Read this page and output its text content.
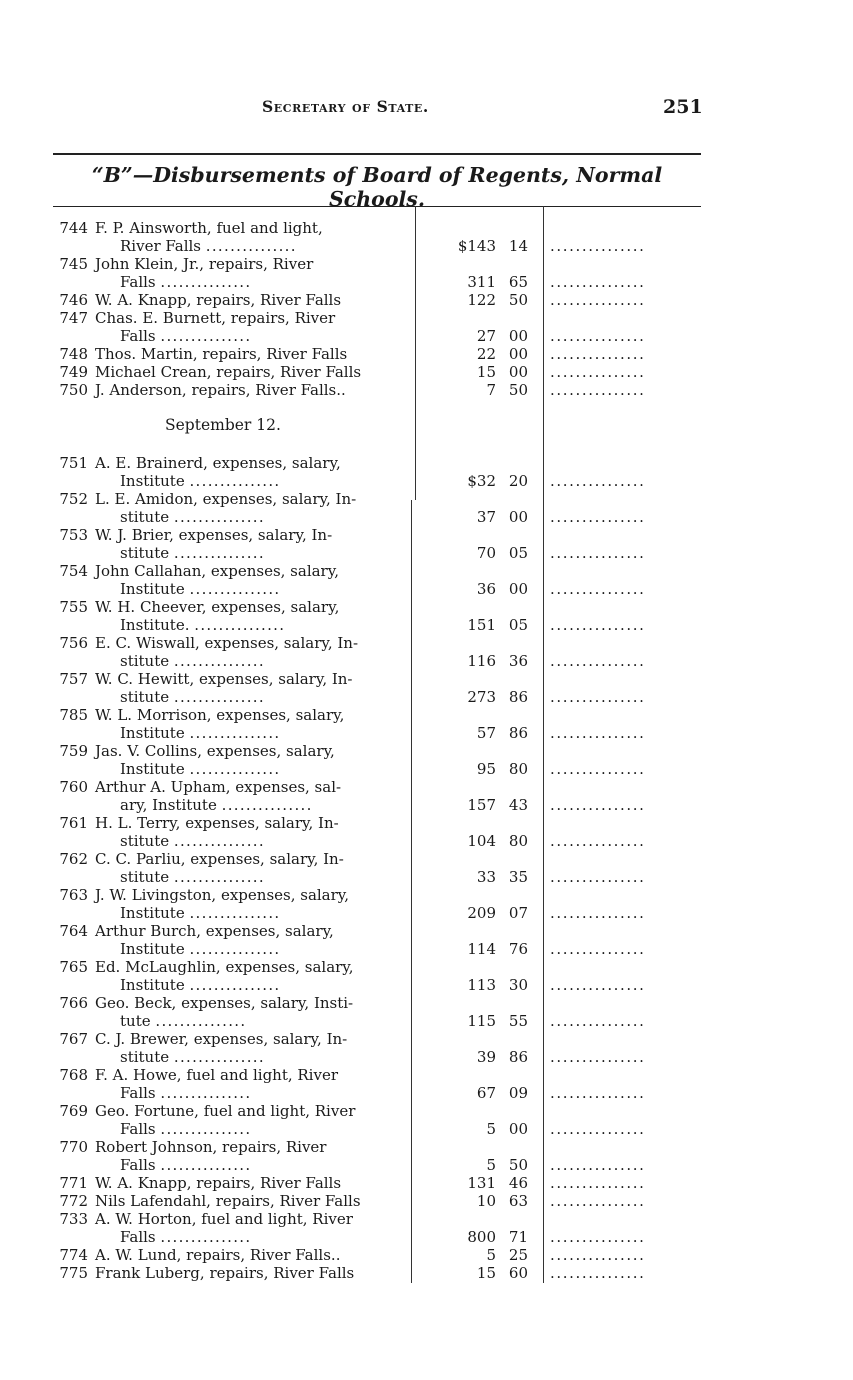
Secretary of State.	251
“B”—Disbursements of Board of Regents, Normal Schools.
September 12.
744 F. P. Ainsworth, fuel and light,
River Falls ...............	$143 14 ...............
745 John Klein, Jr., repairs, River
Falls ...............	311 65 ...............
746 W. A. Knapp, repairs, River Falls	122 50 ...............
747 Chas. E. Burnett, repairs, River
Falls ...............	27 00 ...............
748 Thos. Martin, repairs, River Falls	22 00 ...............
749 Michael Crean, repairs, River Falls	15 00 ...............
750 J. Anderson, repairs, River Falls..	7 50 ...............
751 A. E. Brainerd, expenses, salary,
Institute ...............	$32 20 ...............
752 L. E. Amidon, expenses, salary, In-
stitute ...............	37 00 ...............
753 W. J. Brier, expenses, salary, In-
stitute ...............	70 05 ...............
754 John Callahan, expenses, salary,
Institute ...............	36 00 ...............
755 W. H. Cheever, expenses, salary,
Institute. ...............	151 05 ...............
756 E. C. Wiswall, expenses, salary, In-
stitute ...............	116 36 ...............
757 W. C. Hewitt, expenses, salary, In-
stitute ...............	273 86 ...............
785 W. L. Morrison, expenses, salary,
Institute ...............	57 86 ...............
759 Jas. V. Collins, expenses, salary,
Institute ...............	95 80 ...............
760 Arthur A. Upham, expenses, sal-
ary, Institute ...............	157 43 ...............
761 H. L. Terry, expenses, salary, In-
stitute ...............	104 80 ...............
762 C. C. Parliu, expenses, salary, In-
stitute ...............	33 35 ...............
763 J. W. Livingston, expenses, salary,
Institute ...............	209 07 ...............
764 Arthur Burch, expenses, salary,
Institute ...............	114 76 ...............
765 Ed. McLaughlin, expenses, salary,
Institute ...............	113 30 ...............
766 Geo. Beck, expenses, salary, Insti-
tute ...............	115 55 ...............
767 C. J. Brewer, expenses, salary, In-
stitute ...............	39 86 ...............
768 F. A. Howe, fuel and light, River
Falls ...............	67 09 ...............
769 Geo. Fortune, fuel and light, River
Falls ...............	5 00 ...............
770 Robert Johnson, repairs, River
Falls ...............	5 50 ...............
771 W. A. Knapp, repairs, River Falls	131 46 ...............
772 Nils Lafendahl, repairs, River Falls	10 63 ...............
733 A. W. Horton, fuel and light, River
Falls ...............	800 71 ...............
774 A. W. Lund, repairs, River Falls..	5 25 ...............
775 Frank Luberg, repairs, River Falls	15 60 ...............
